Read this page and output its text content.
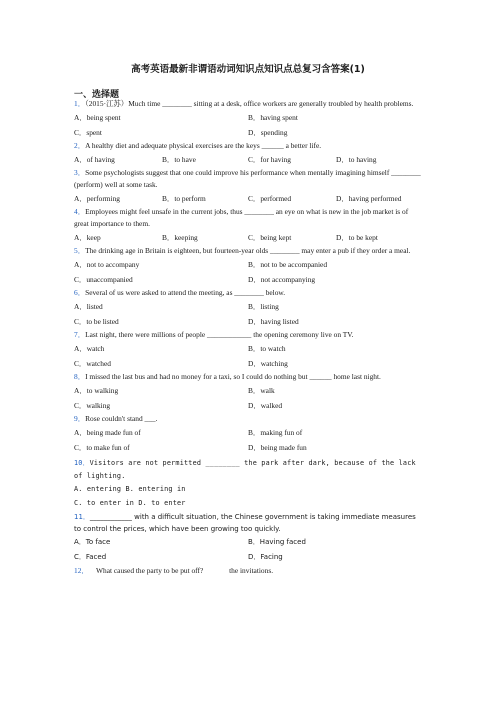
高考英语最新非谓语动词知识点知识点总复习含答案(1)
一、选择题

1．（2015·江苏）Much time ________ sitting at a desk, office workers are generally troubled by health problems.

A．being spent	B．having spent
C．spent	D．spending

2．A healthy diet and adequate physical exercises are the keys ______ a better life.

A．of having	B．to have	C．for having	D．to having

3．Some psychologists suggest that one could improve his performance when mentally imagining himself ________ (perform) well at some task.

A．performing	B．to perform	C．performed	D．having performed

4．Employees might feel unsafe in the current jobs, thus ________ an eye on what is new in the job market is of great importance to them.

A．keep	B．keeping	C．being kept	D．to be kept

5．The drinking age in Britain is eighteen, but fourteen-year olds ________ may enter a pub if they order a meal.

A．not to accompany	B．not to be accompanied
C．unaccompanied	D．not accompanying

6．Several of us were asked to attend the meeting, as ________ below.

A．listed	B．listing
C．to be listed	D．having listed

7．Last night, there were millions of people ____________ the opening ceremony live on TV.

A．watch	B．to watch
C．watched	D．watching

8．I missed the last bus and had no money for a taxi, so I could do nothing but ______ home last night.

A．to walking	B．walk
C．walking	D．walked

9．Rose couldn't stand ___.

A．being made fun of	B．making fun of
C．to make fun of	D．being made fun

10．Visitors are not permitted ________ the park after dark, because of the lack of lighting.

A. entering B. entering in
C. to enter in D. to enter

11．____________ with a difficult situation, the Chinese government is taking immediate measures to control the prices, which have been growing too quickly.

A．To face	B．Having faced
C．Faced	D．Facing

12．    What caused the party to be put off?              the invitations.
